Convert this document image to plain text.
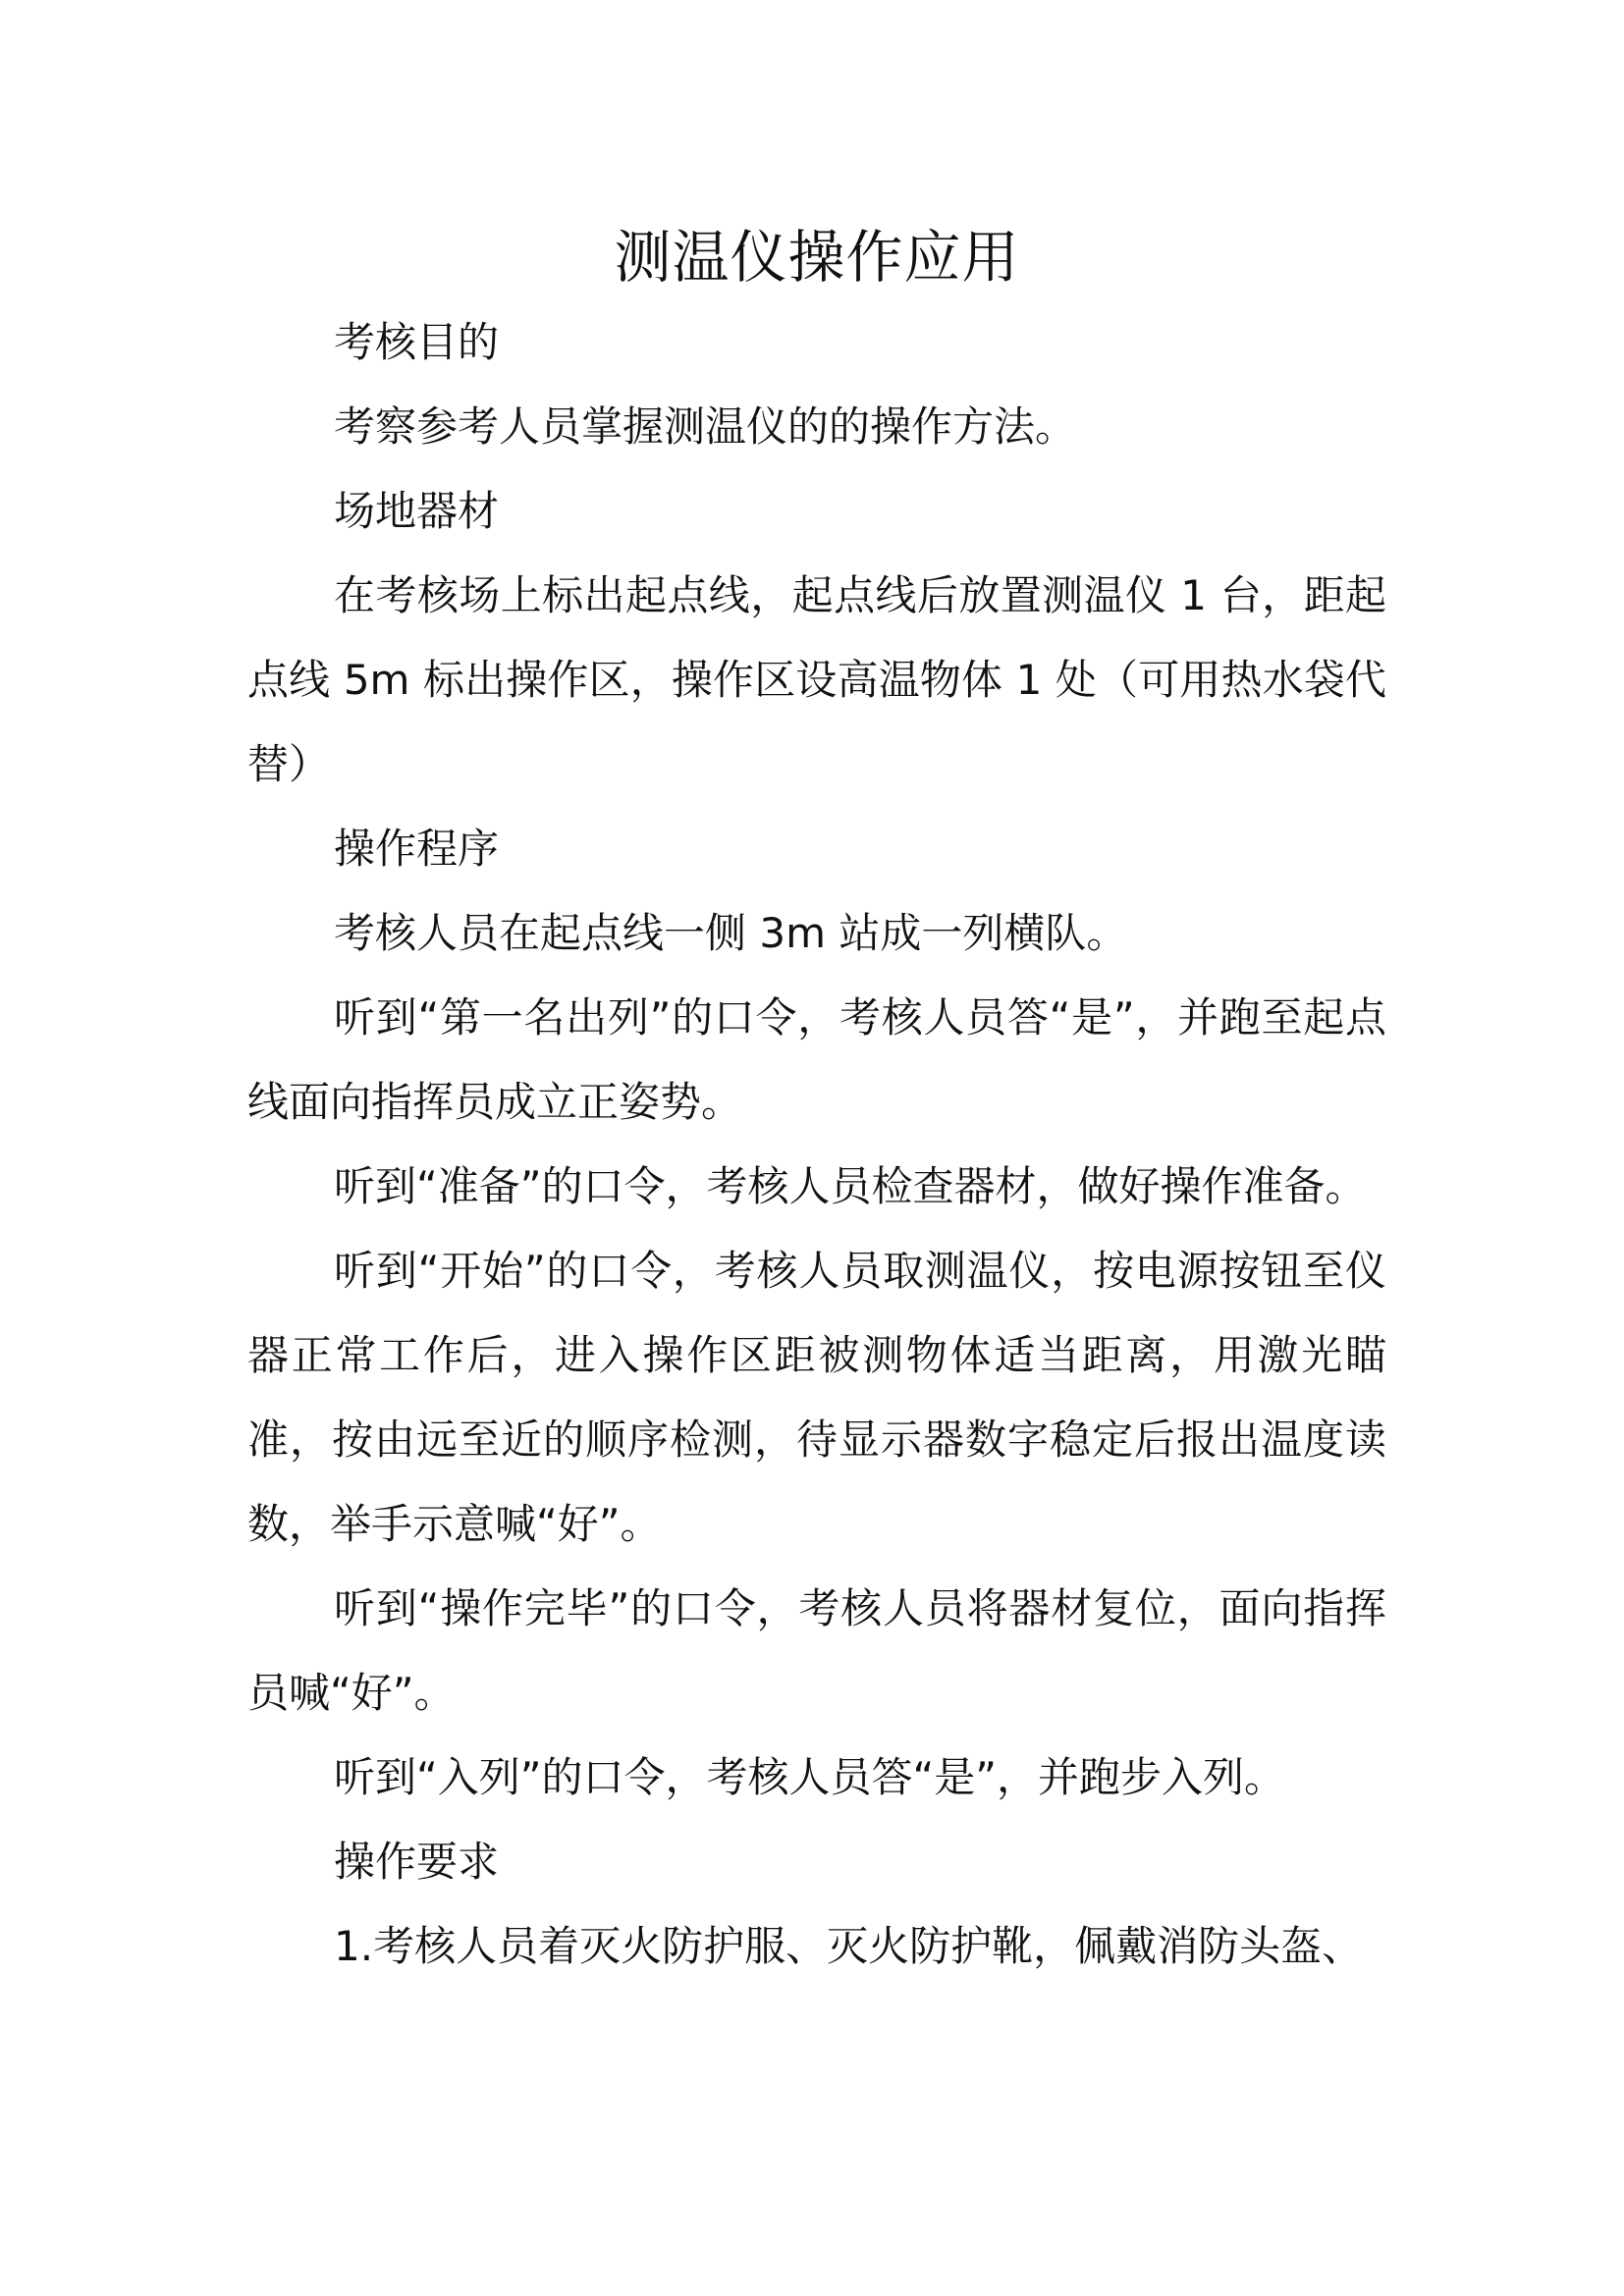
测温仪操作应用

考核目的

考察参考人员掌握测温仪的的操作方法。

场地器材

在考核场上标出起点线，起点线后放置测温仪 1 台，距起点线 5m 标出操作区，操作区设高温物体 1 处（可用热水袋代替）

操作程序

考核人员在起点线一侧 3m 站成一列横队。

听到“第一名出列”的口令，考核人员答“是”，并跑至起点线面向指挥员成立正姿势。

听到“准备”的口令，考核人员检查器材，做好操作准备。

听到“开始”的口令，考核人员取测温仪，按电源按钮至仪器正常工作后，进入操作区距被测物体适当距离，用激光瞄准，按由远至近的顺序检测，待显示器数字稳定后报出温度读数，举手示意喊“好”。

听到“操作完毕”的口令，考核人员将器材复位，面向指挥员喊“好”。

听到“入列”的口令，考核人员答“是”，并跑步入列。

操作要求

1.考核人员着灭火防护服、灭火防护靴，佩戴消防头盔、
